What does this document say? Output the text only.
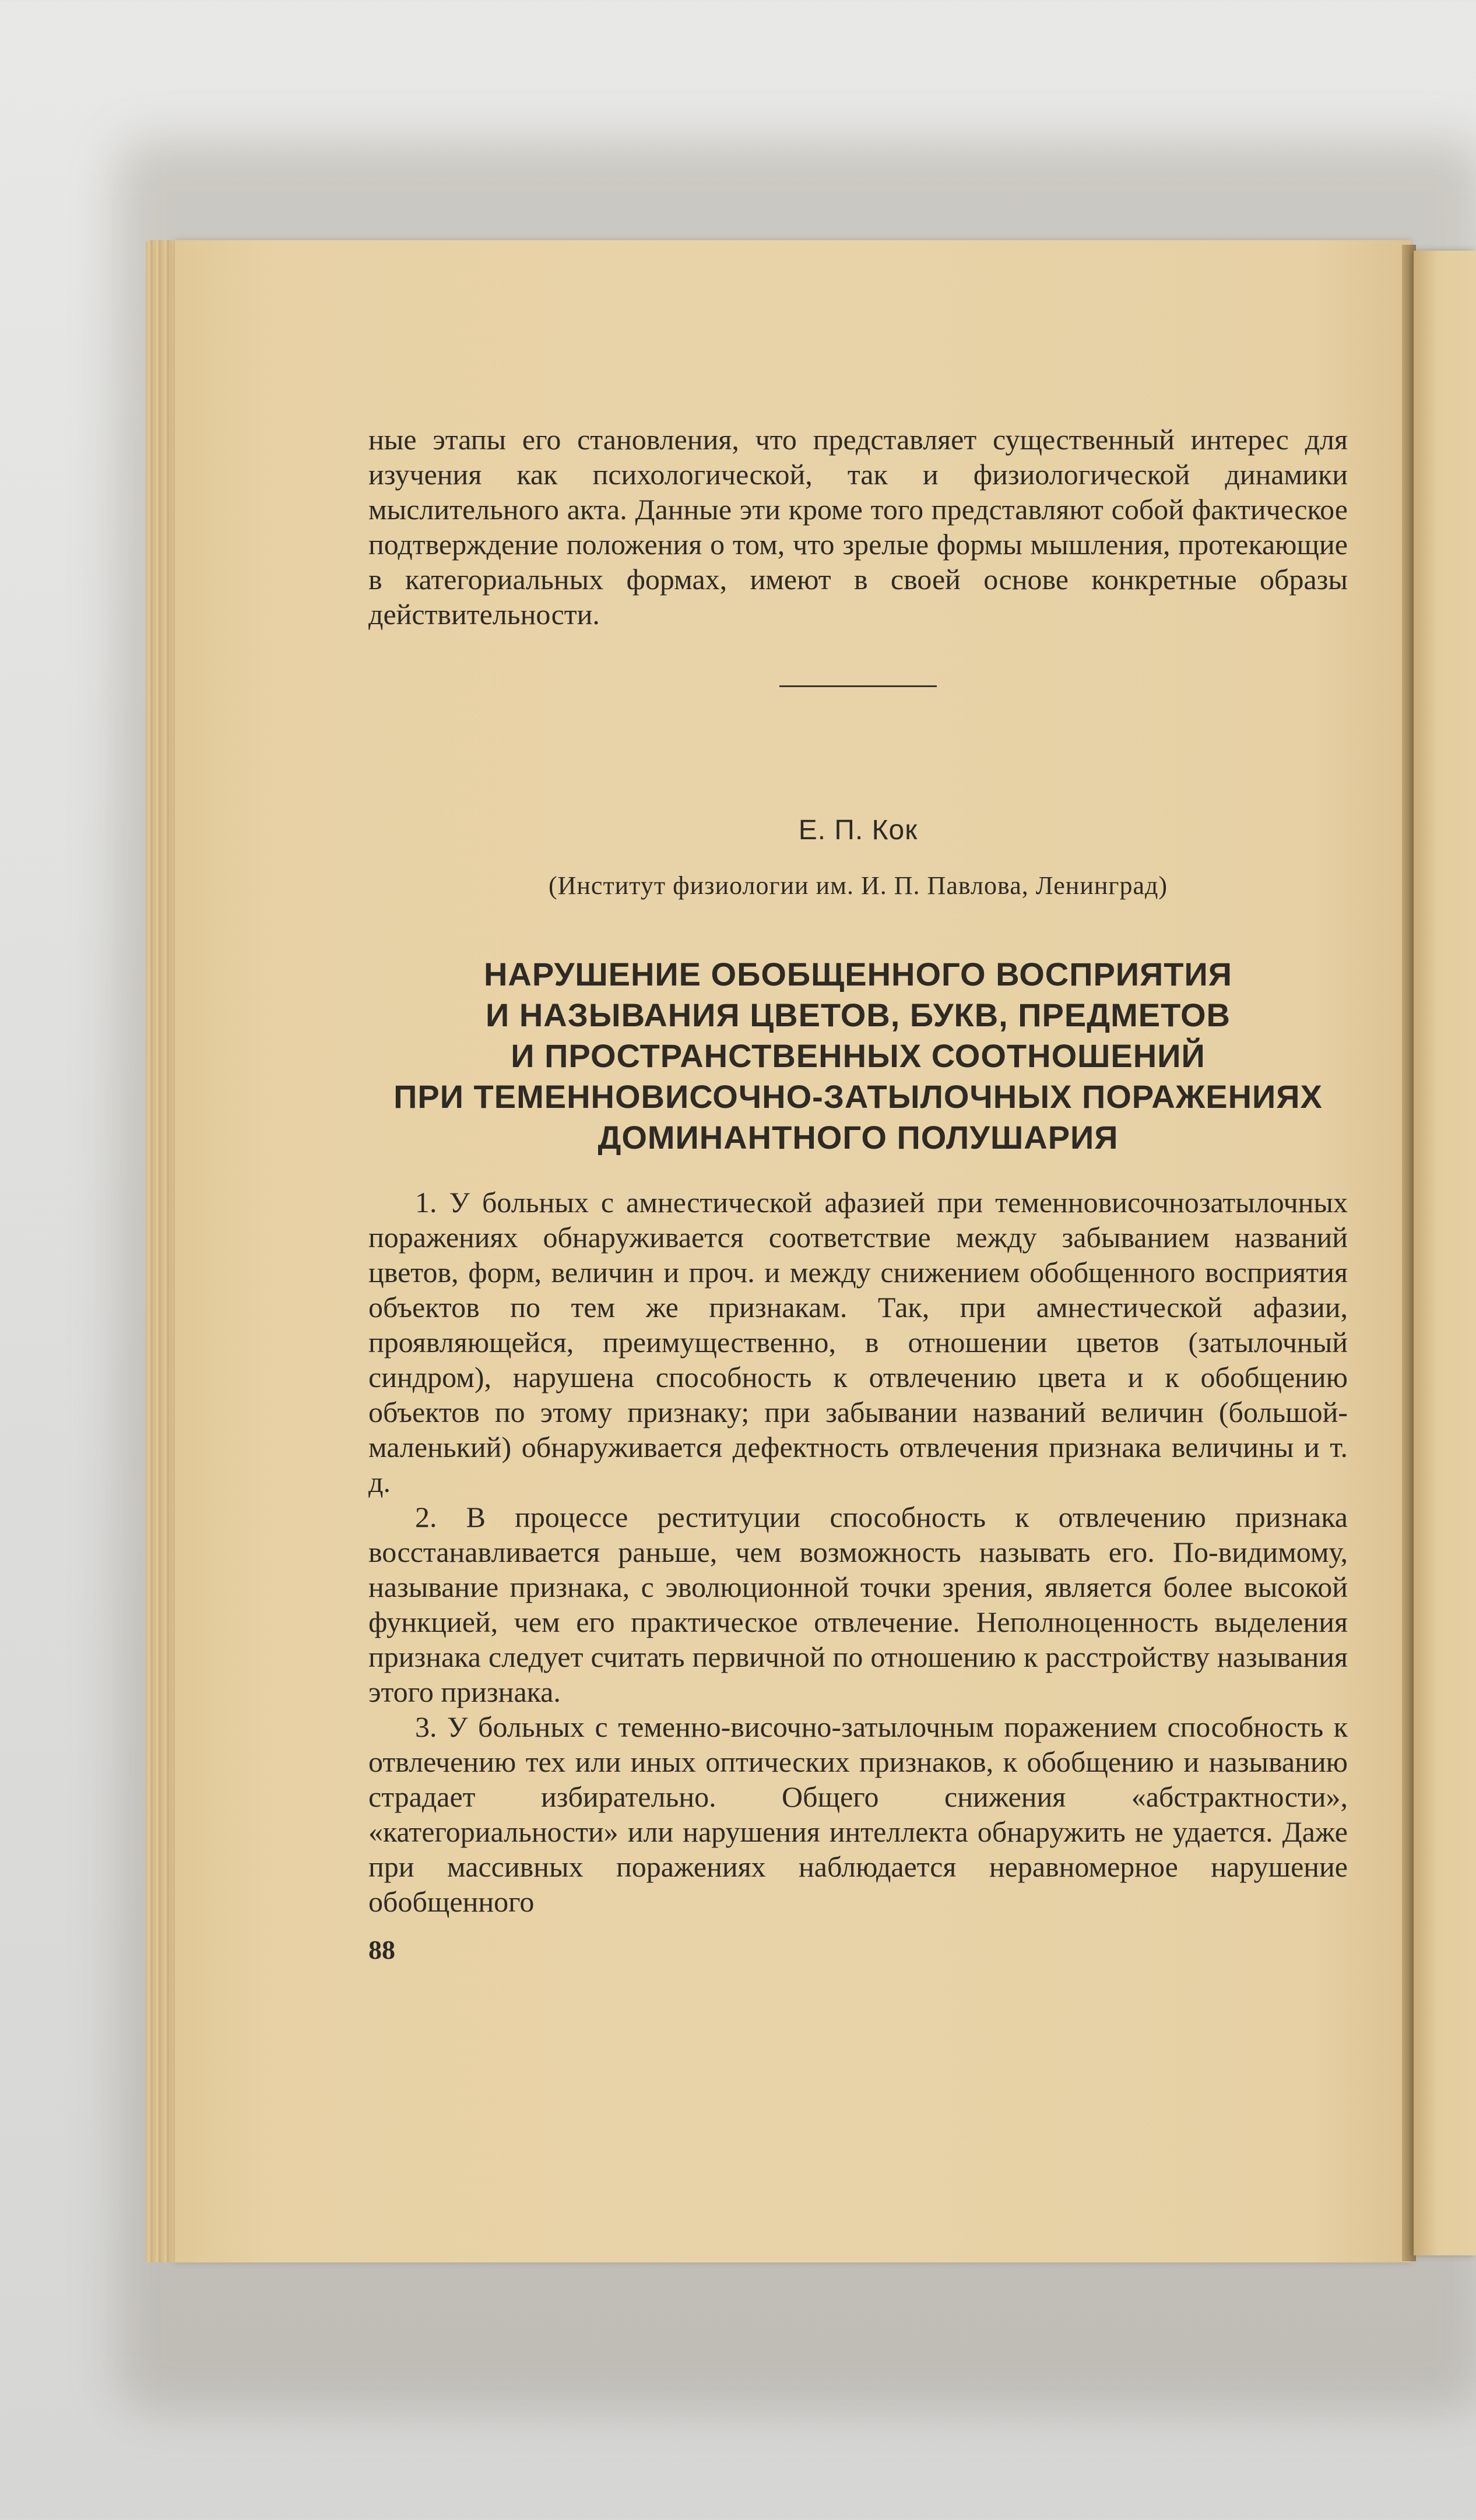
ные этапы его становления, что представляет существенный интерес для изучения как психологической, так и физиологической динамики мыслительного акта. Данные эти кроме того представляют собой фактическое подтверждение положения о том, что зрелые формы мышления, протекающие в категориальных формах, имеют в своей основе конкретные образы действительности.

Е. П. Кок
(Институт физиологии им. И. П. Павлова, Ленинград)
НАРУШЕНИЕ ОБОБЩЕННОГО ВОСПРИЯТИЯ
И НАЗЫВАНИЯ ЦВЕТОВ, БУКВ, ПРЕДМЕТОВ
И ПРОСТРАНСТВЕННЫХ СООТНОШЕНИЙ
ПРИ ТЕМЕННОВИСОЧНО-ЗАТЫЛОЧНЫХ ПОРАЖЕНИЯХ
ДОМИНАНТНОГО ПОЛУШАРИЯ

1. У больных с амнестической афазией при теменновисочнозатылочных поражениях обнаруживается соответствие между забыванием названий цветов, форм, величин и проч. и между снижением обобщенного восприятия объектов по тем же признакам. Так, при амнестической афазии, проявляющейся, преимущественно, в отношении цветов (затылочный синдром), нарушена способность к отвлечению цвета и к обобщению объектов по этому признаку; при забывании названий величин (большой-маленький) обнаруживается дефектность отвлечения признака величины и т. д.

2. В процессе реституции способность к отвлечению признака восстанавливается раньше, чем возможность называть его. По-видимому, называние признака, с эволюционной точки зрения, является более высокой функцией, чем его практическое отвлечение. Неполноценность выделения признака следует считать первичной по отношению к расстройству называния этого признака.

3. У больных с теменно-височно-затылочным поражением способность к отвлечению тех или иных оптических признаков, к обобщению и называнию страдает избирательно. Общего снижения «абстрактности», «категориальности» или нарушения интеллекта обнаружить не удается. Даже при массивных поражениях наблюдается неравномерное нарушение обобщенного

88
